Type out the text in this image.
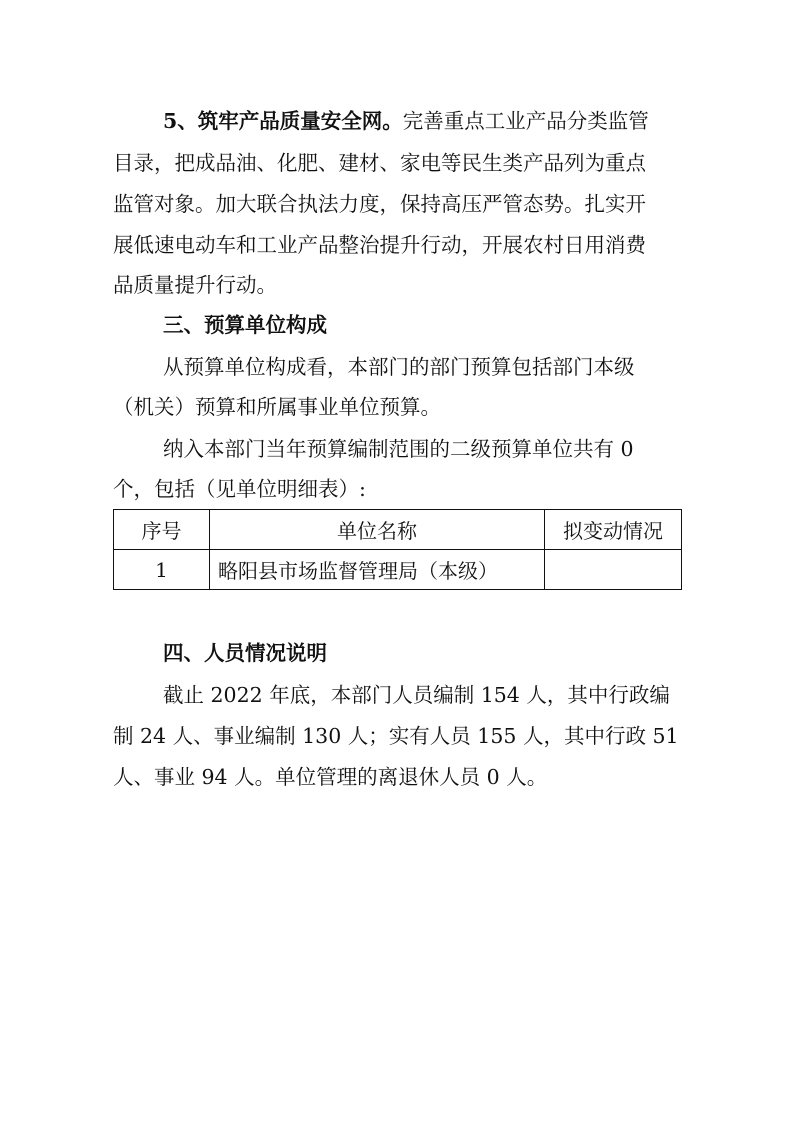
5、筑牢产品质量安全网。完善重点工业产品分类监管

目录，把成品油、化肥、建材、家电等民生类产品列为重点

监管对象。加大联合执法力度，保持高压严管态势。扎实开

展低速电动车和工业产品整治提升行动，开展农村日用消费

品质量提升行动。

三、预算单位构成

从预算单位构成看，本部门的部门预算包括部门本级

（机关）预算和所属事业单位预算。

纳入本部门当年预算编制范围的二级预算单位共有 0

个，包括（见单位明细表）:

序号	单位名称	拟变动情况
1	略阳县市场监督管理局（本级）	

四、人员情况说明

截止 2022 年底，本部门人员编制 154 人，其中行政编

制 24 人、事业编制 130 人；实有人员 155 人，其中行政 51

人、事业 94 人。单位管理的离退休人员 0 人。
